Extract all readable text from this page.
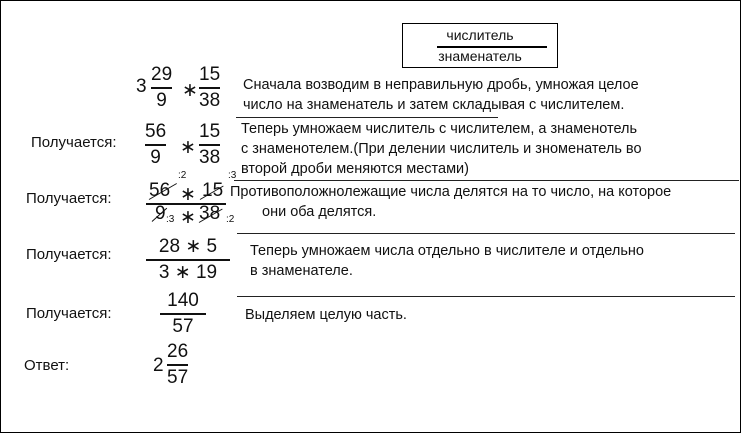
числитель
знаменатель
3
29
9 ∗
15
38
Сначала возводим в неправильную дробь, умножая целое
число на знаменатель и затем складывая с числителем.
Получается:
56
9 ∗
15
38
Теперь умножаем числитель с числителем, а знаменотель
с знаменотелем.(При делении числитель и зноменатель во
второй дроби меняются местами)
Получается: 56 ∗ 15
:2	:3
9 :3 ∗ 38 :2
Противоположнолежащие числа делятся на то число, на которое
они оба делятся.
Получается:	28 ∗ 5
3 ∗ 19
Теперь умножаем числа отдельно в числителе и отдельно
в знаменателе.
Получается:
140
57
Выделяем целую часть.
Ответ:	2
26
57
